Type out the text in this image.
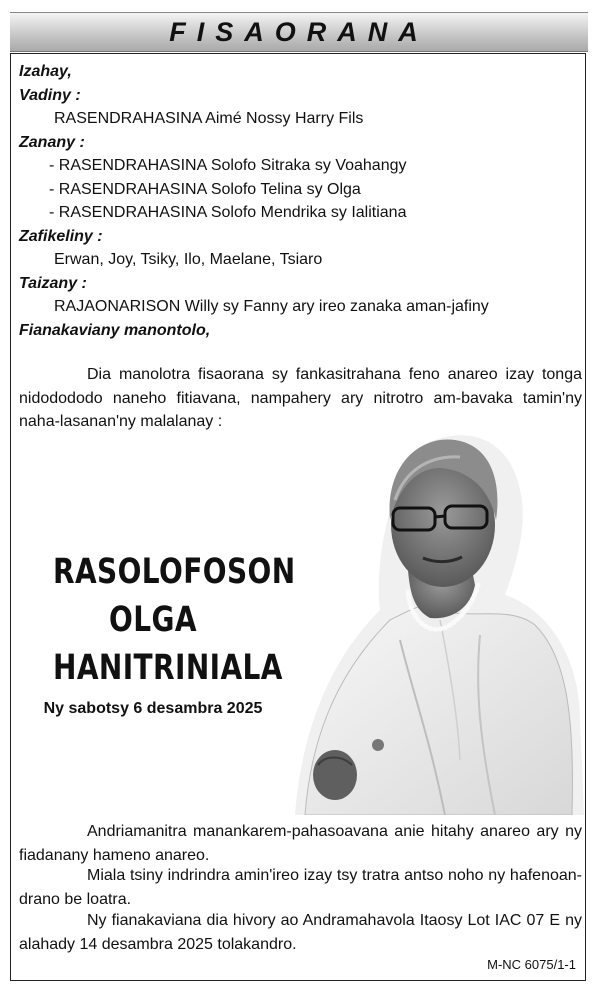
FISAORANA
Izahay,
Vadiny :
RASENDRAHASINA Aimé Nossy Harry Fils
Zanany :
- RASENDRAHASINA Solofo Sitraka sy Voahangy
- RASENDRAHASINA Solofo Telina sy Olga
- RASENDRAHASINA Solofo Mendrika sy Ialitiana
Zafikeliny :
Erwan, Joy, Tsiky, Ilo, Maelane, Tsiaro
Taizany :
RAJAONARISON Willy sy Fanny ary ireo zanaka aman-jafiny
Fianakaviany manontolo,
Dia manolotra fisaorana sy fankasitrahana feno anareo izay tonga nidodododo naneho fitiavana, nampahery ary nitrotro am-bavaka tamin'ny naha-lasanan'ny malalanay :
RASOLOFOSON
OLGA
HANITRINIALA
Ny sabotsy 6 desambra 2025
Andriamanitra manankarem-pahasoavana anie hitahy anareo ary ny fiadanany hameno anareo.
Miala tsiny indrindra amin'ireo izay tsy tratra antso noho ny hafenoan-drano be loatra.
Ny fianakaviana dia hivory ao Andramahavola Itaosy Lot IAC 07 E ny alahady 14 desambra 2025 tolakandro.
M-NC 6075/1-1
